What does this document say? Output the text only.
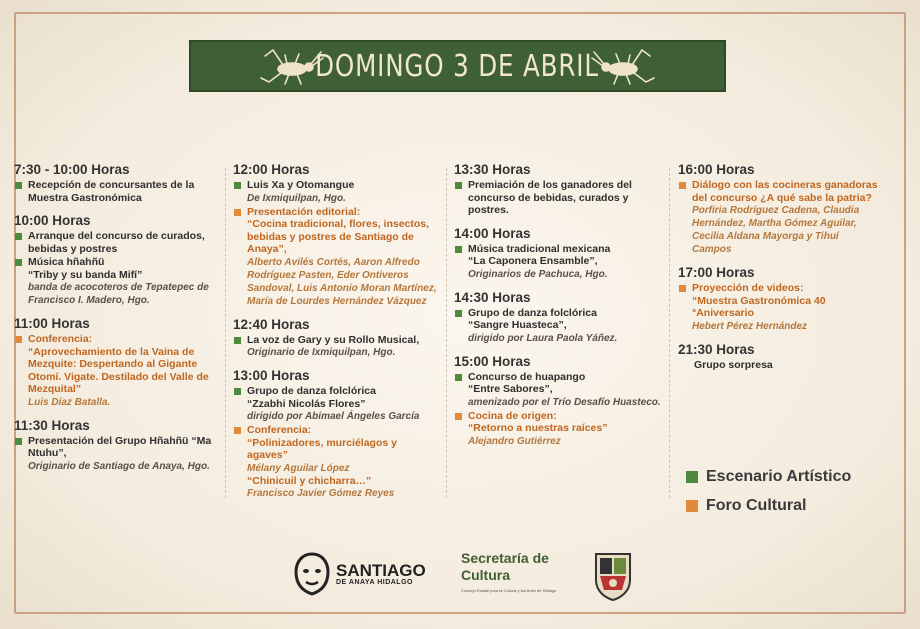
DOMINGO 3 DE ABRIL
7:30 - 10:00 Horas
Recepción de concursantes de la Muestra Gastronómica
10:00 Horas
Arranque del concurso de curados, bebidas y postres
Música hñahñü
“Triby y su banda Mifí”
banda de acocoteros de Tepatepec de Francisco I. Madero, Hgo.
11:00 Horas
Conferencia:
“Aprovechamiento de la Vaina de Mezquite: Despertando al Gigante Otomí. Vigate. Destilado del Valle de Mezquital”
Luis Díaz Batalla.
11:30 Horas
Presentación del Grupo Hñahñü “Ma Ntuhu”,
Originario de Santiago de Anaya, Hgo.
12:00 Horas
Luis Xa y Otomangue
De Ixmiquilpan, Hgo.
Presentación editorial:
“Cocina tradicional, flores, insectos, bebidas y postres de Santiago de Anaya”,
Alberto Avilés Cortés, Aaron Alfredo Rodríguez Pasten, Eder Ontiveros Sandoval, Luis Antonio Moran Martínez, María de Lourdes Hernández Vázquez
12:40 Horas
La voz de Gary y su Rollo Musical,
Originario de Ixmiquilpan, Hgo.
13:00 Horas
Grupo de danza folclórica
“Zzabhi Nicolás Flores”
dirigido por Abimael Ángeles García
Conferencia:
“Polinizadores, murciélagos y agaves”
Mélany Aguilar López
“Chinicuil y chicharra…”
Francisco Javier Gómez Reyes
13:30 Horas
Premiación de los ganadores del concurso de bebidas, curados y postres.
14:00 Horas
Música tradicional mexicana
“La Caponera Ensamble”,
Originarios de Pachuca, Hgo.
14:30 Horas
Grupo de danza folclórica
“Sangre Huasteca”,
dirigido por Laura Paola Yáñez.
15:00 Horas
Concurso de huapango
“Entre Sabores”,
amenizado por el Trío Desafío Huasteco.
Cocina de origen:
“Retorno a nuestras raíces”
Alejandro Gutiérrez
16:00 Horas
Diálogo con las cocineras ganadoras del concurso ¿A qué sabe la patria?
Porfiria Rodríguez Cadena, Claudia Hernández, Martha Gómez Aguilar, Cecilia Aldana Mayorga y Tihuí Campos
17:00 Horas
Proyección de videos:
“Muestra Gastronómica 40 °Aniversario
Hebert Pérez Hernández
21:30 Horas
Grupo sorpresa
Escenario Artístico
Foro Cultural
SANTIAGO
DE ANAYA HIDALGO
Secretaría de
Cultura
Consejo Estatal para la Cultura y las Artes de Hidalgo
